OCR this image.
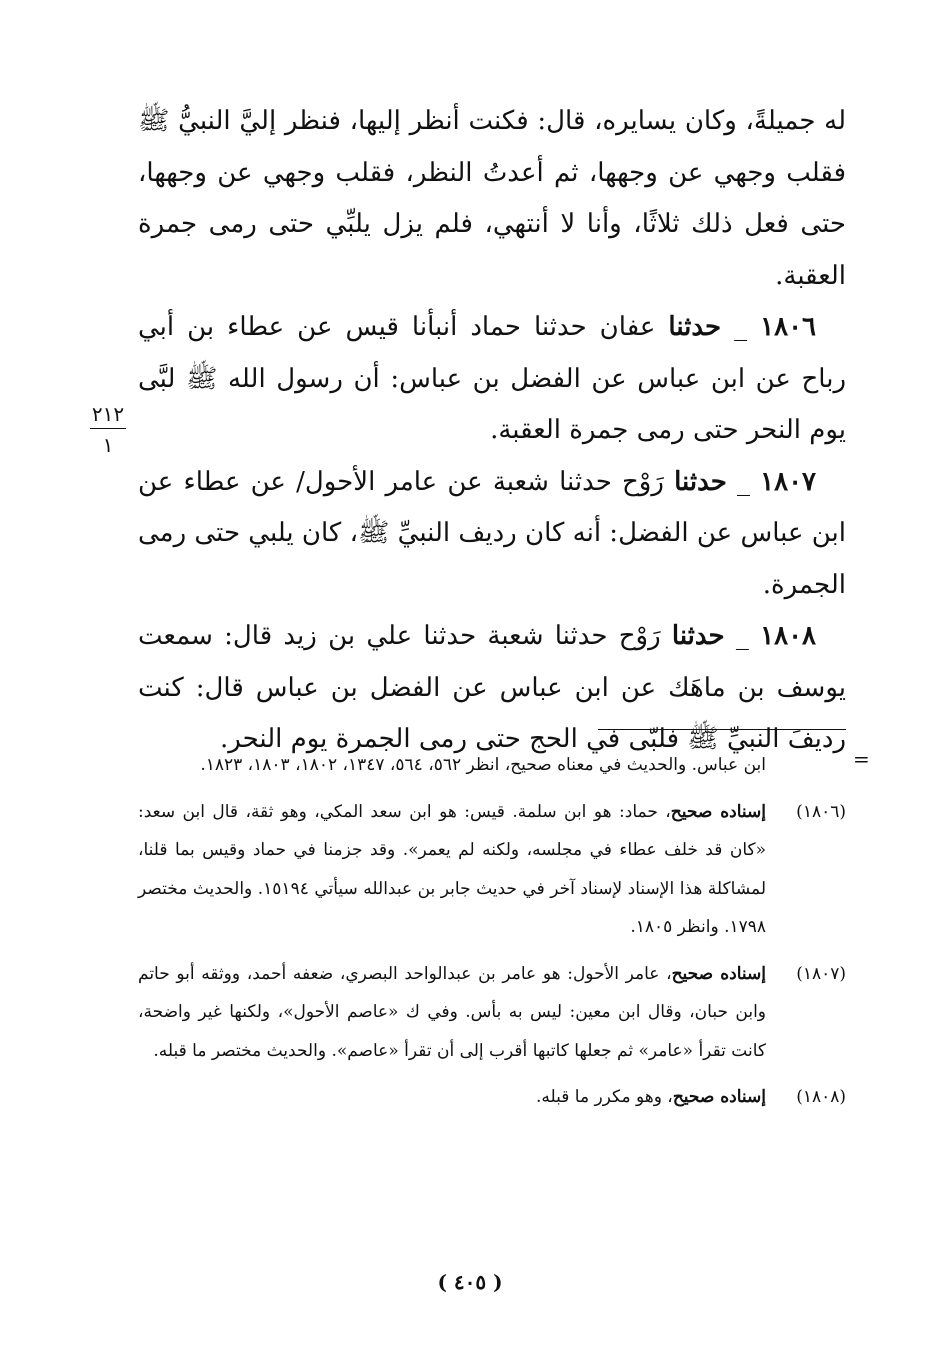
له جميلةً، وكان يسايره، قال: فكنت أنظر إليها، فنظر إليَّ النبيُّ ﷺ فقلب وجهي عن وجهها، ثم أعدتُ النظر، فقلب وجهي عن وجهها، حتى فعل ذلك ثلاثًا، وأنا لا أنتهي، فلم يزل يلبِّي حتى رمى جمرة العقبة.

١٨٠٦ _ حدثنا عفان حدثنا حماد أنبأنا قيس عن عطاء بن أبي رباح عن ابن عباس عن الفضل بن عباس: أن رسول الله ﷺ لبَّى يوم النحر حتى رمى جمرة العقبة.

١٨٠٧ _ حدثنا رَوْح حدثنا شعبة عن عامر الأحول/ عن عطاء عن ابن عباس عن الفضل: أنه كان رديف النبيِّ ﷺ، كان يلبي حتى رمى الجمرة.

١٨٠٨ _ حدثنا رَوْح حدثنا شعبة حدثنا علي بن زيد قال: سمعت يوسف بن ماهَك عن ابن عباس عن الفضل بن عباس قال: كنت رديفَ النبيِّ ﷺ فلبّى في الحج حتى رمى الجمرة يوم النحر.

٢١٢
١
=

ابن عباس. والحديث في معناه صحيح، انظر ٥٦٢، ٥٦٤، ١٣٤٧، ١٨٠٢، ١٨٠٣، ١٨٢٣.

(١٨٠٦)إسناده صحيح، حماد: هو ابن سلمة. قيس: هو ابن سعد المكي، وهو ثقة، قال ابن سعد: «كان قد خلف عطاء في مجلسه، ولكنه لم يعمر». وقد جزمنا في حماد وقيس بما قلنا، لمشاكلة هذا الإسناد لإسناد آخر في حديث جابر بن عبدالله سيأتي ١٥١٩٤. والحديث مختصر ١٧٩٨. وانظر ١٨٠٥.

(١٨٠٧)إسناده صحيح، عامر الأحول: هو عامر بن عبدالواحد البصري، ضعفه أحمد، ووثقه أبو حاتم وابن حبان، وقال ابن معين: ليس به بأس. وفي ك «عاصم الأحول»، ولكنها غير واضحة، كانت تقرأ «عامر» ثم جعلها كاتبها أقرب إلى أن تقرأ «عاصم». والحديث مختصر ما قبله.

(١٨٠٨)إسناده صحيح، وهو مكرر ما قبله.

( ٤٠٥ )
